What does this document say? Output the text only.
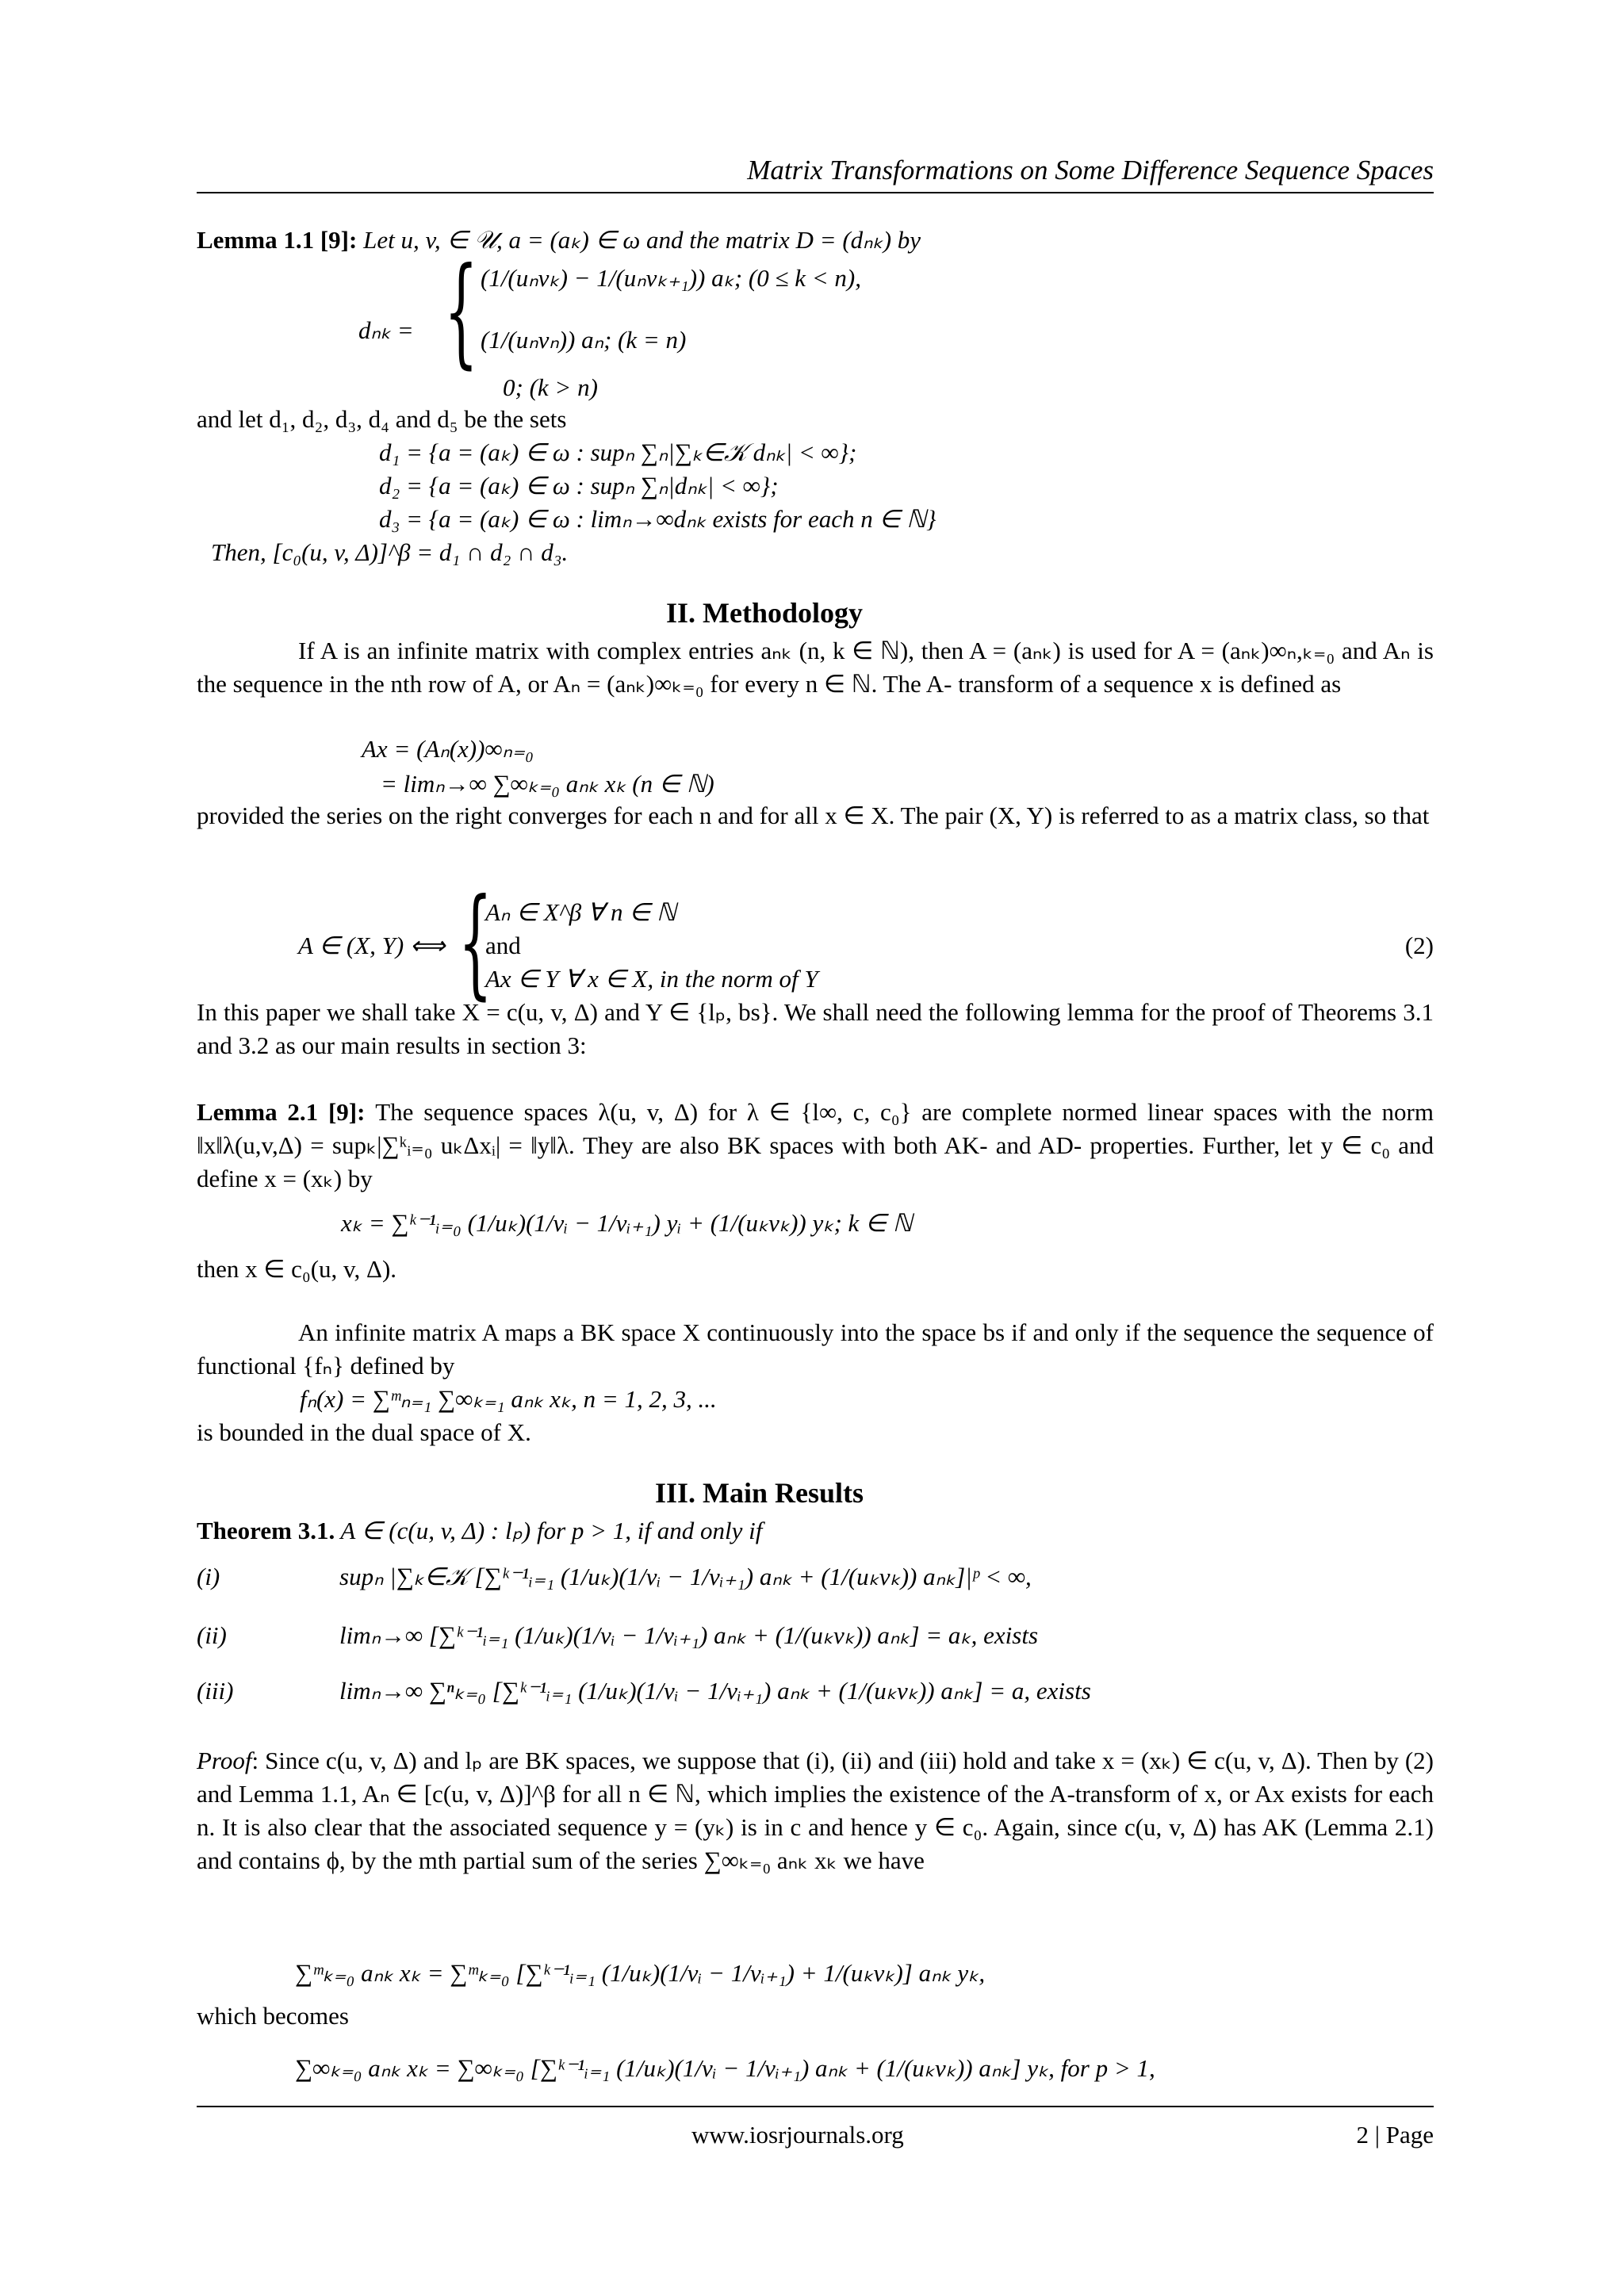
Matrix Transformations on Some Difference Sequence Spaces
Lemma 1.1 [9]: Let u, v, ∈ 𝒰, a = (aₖ) ∈ ω and the matrix D = (dₙₖ) by
dₙₖ = { (1/(uₙvₖ) − 1/(uₙvₖ₊₁)) aₖ; (0 ≤ k < n),
(1/(uₙvₙ)) aₙ; (k = n)
0; (k > n)
and let d₁, d₂, d₃, d₄ and d₅ be the sets
d₁ = {a = (aₖ) ∈ ω : supₙ ∑ₙ|∑ₖ∈𝒦 dₙₖ| < ∞};
d₂ = {a = (aₖ) ∈ ω : supₙ ∑ₙ|dₙₖ| < ∞};
d₃ = {a = (aₖ) ∈ ω : limₙ→∞dₙₖ exists for each n ∈ ℕ}
Then, [c₀(u, v, Δ)]^β = d₁ ∩ d₂ ∩ d₃.
II. Methodology
If A is an infinite matrix with complex entries aₙₖ (n, k ∈ ℕ), then A = (aₙₖ) is used for A = (aₙₖ)∞ₙ,ₖ₌₀ and Aₙ is the sequence in the nth row of A, or Aₙ = (aₙₖ)∞ₖ₌₀ for every n ∈ ℕ. The A- transform of a sequence x is defined as
Ax = (Aₙ(x))∞ₙ₌₀
= limₙ→∞ ∑∞ₖ₌₀ aₙₖ xₖ (n ∈ ℕ)
provided the series on the right converges for each n and for all x ∈ X. The pair (X, Y) is referred to as a matrix class, so that
A ∈ (X, Y) ⟺ {
Aₙ ∈ X^β ∀ n ∈ ℕ
and
Ax ∈ Y ∀ x ∈ X, in the norm of Y
(2)
In this paper we shall take X = c(u, v, Δ) and Y ∈ {lₚ, bs}. We shall need the following lemma for the proof of Theorems 3.1 and 3.2 as our main results in section 3:
Lemma 2.1 [9]: The sequence spaces λ(u, v, Δ) for λ ∈ {l∞, c, c₀} are complete normed linear spaces with the norm ‖x‖λ(u,v,Δ) = supₖ|∑ᵏᵢ₌₀ uₖΔxᵢ| = ‖y‖λ. They are also BK spaces with both AK- and AD- properties. Further, let y ∈ c₀ and define x = (xₖ) by
xₖ = ∑ᵏ⁻¹ᵢ₌₀ (1/uₖ)(1/vᵢ − 1/vᵢ₊₁) yᵢ + (1/(uₖvₖ)) yₖ; k ∈ ℕ
then x ∈ c₀(u, v, Δ).
An infinite matrix A maps a BK space X continuously into the space bs if and only if the sequence the sequence of functional {fₙ} defined by
fₙ(x) = ∑ᵐₙ₌₁ ∑∞ₖ₌₁ aₙₖ xₖ, n = 1, 2, 3, ...
is bounded in the dual space of X.
III. Main Results
Theorem 3.1. A ∈ (c(u, v, Δ) : lₚ) for p > 1, if and only if
(i)	supₙ |∑ₖ∈𝒦 [∑ᵏ⁻¹ᵢ₌₁ (1/uₖ)(1/vᵢ − 1/vᵢ₊₁) aₙₖ + (1/(uₖvₖ)) aₙₖ]|ᵖ < ∞,
(ii)	limₙ→∞ [∑ᵏ⁻¹ᵢ₌₁ (1/uₖ)(1/vᵢ − 1/vᵢ₊₁) aₙₖ + (1/(uₖvₖ)) aₙₖ] = aₖ, exists
(iii)	limₙ→∞ ∑ⁿₖ₌₀ [∑ᵏ⁻¹ᵢ₌₁ (1/uₖ)(1/vᵢ − 1/vᵢ₊₁) aₙₖ + (1/(uₖvₖ)) aₙₖ] = a, exists
Proof: Since c(u, v, Δ) and lₚ are BK spaces, we suppose that (i), (ii) and (iii) hold and take x = (xₖ) ∈ c(u, v, Δ). Then by (2) and Lemma 1.1, Aₙ ∈ [c(u, v, Δ)]^β for all n ∈ ℕ, which implies the existence of the A-transform of x, or Ax exists for each n. It is also clear that the associated sequence y = (yₖ) is in c and hence y ∈ c₀. Again, since c(u, v, Δ) has AK (Lemma 2.1) and contains ϕ, by the mth partial sum of the series ∑∞ₖ₌₀ aₙₖ xₖ we have
∑ᵐₖ₌₀ aₙₖ xₖ = ∑ᵐₖ₌₀ [∑ᵏ⁻¹ᵢ₌₁ (1/uₖ)(1/vᵢ − 1/vᵢ₊₁) + 1/(uₖvₖ)] aₙₖ yₖ,
which becomes
∑∞ₖ₌₀ aₙₖ xₖ = ∑∞ₖ₌₀ [∑ᵏ⁻¹ᵢ₌₁ (1/uₖ)(1/vᵢ − 1/vᵢ₊₁) aₙₖ + (1/(uₖvₖ)) aₙₖ] yₖ, for p > 1,
www.iosrjournals.org	2 | Page
